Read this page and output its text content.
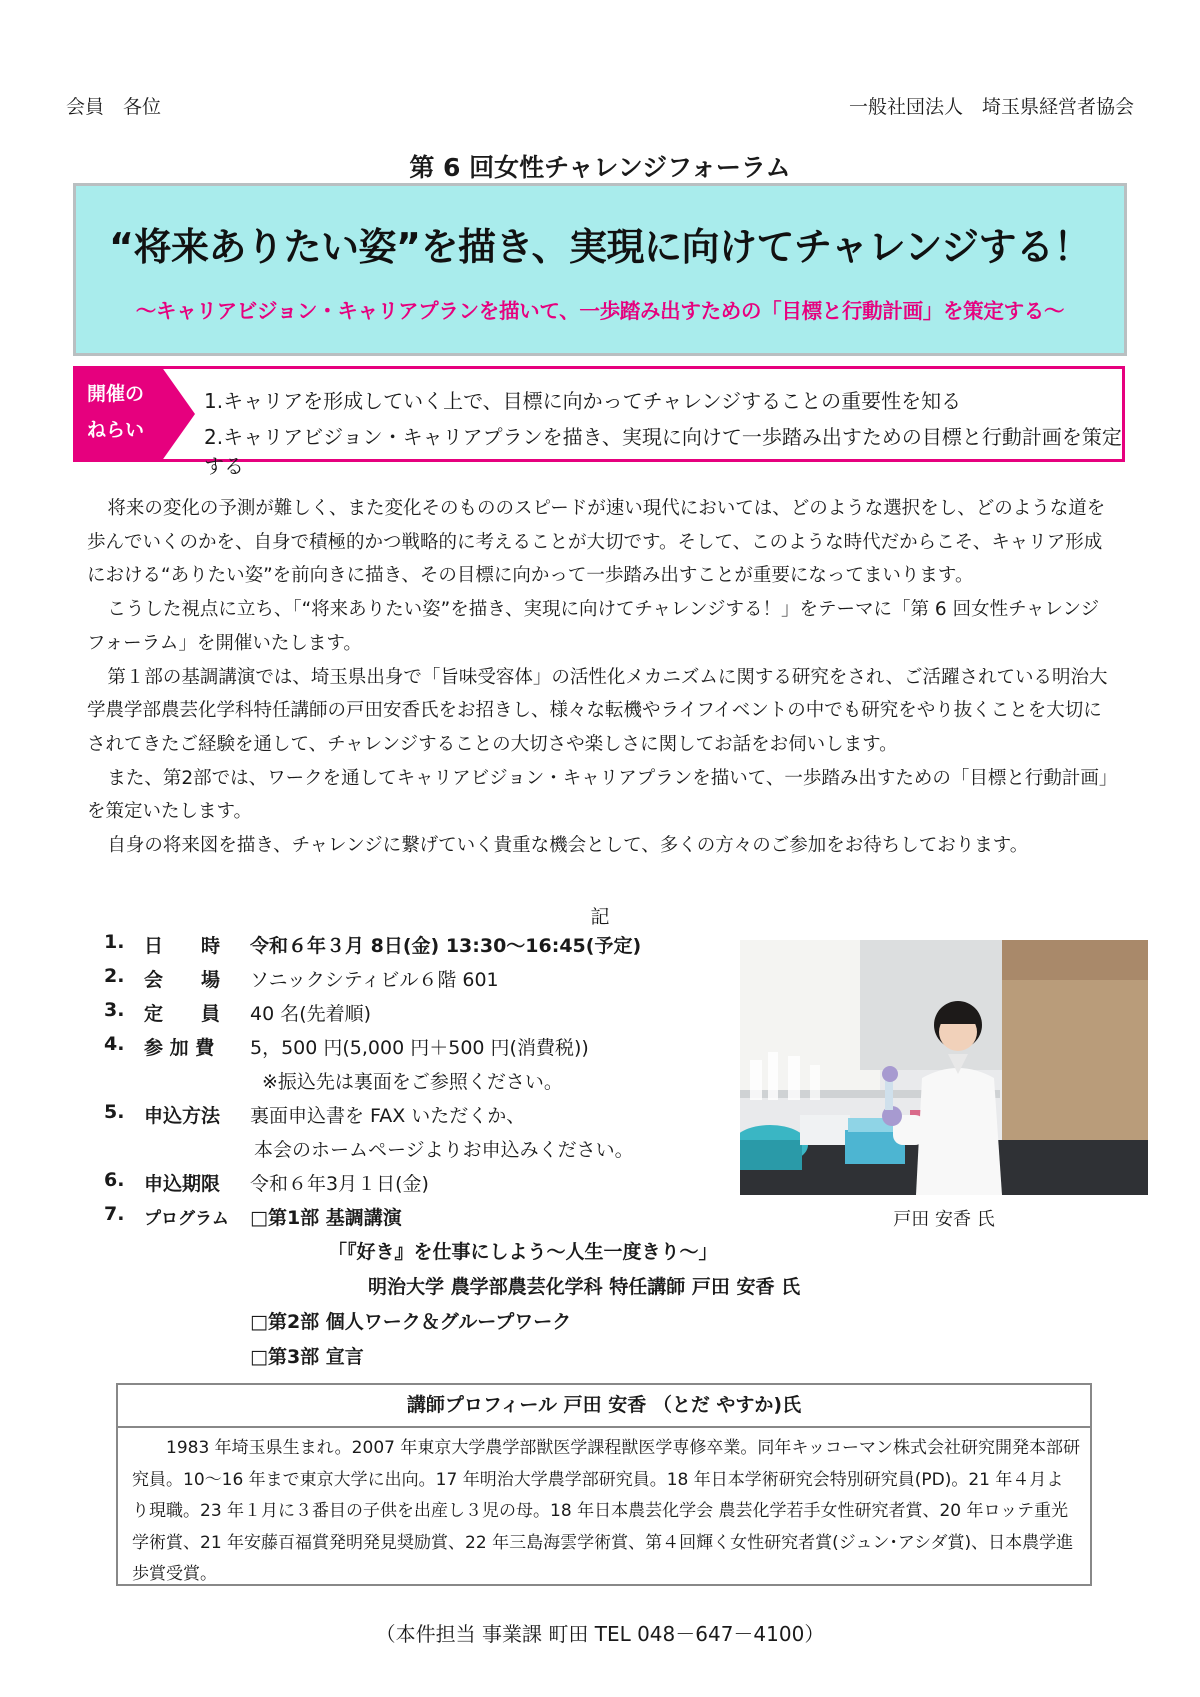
会員　各位	一般社団法人　埼玉県経営者協会
第 6 回女性チャレンジフォーラム
“将来ありたい姿”を描き、実現に向けてチャレンジする！
～キャリアビジョン・キャリアプランを描いて、一歩踏み出すための「目標と行動計画」を策定する～
開催の
ねらい
1.キャリアを形成していく上で、目標に向かってチャレンジすることの重要性を知る
2.キャリアビジョン・キャリアプランを描き、実現に向けて一歩踏み出すための目標と行動計画を策定する

将来の変化の予測が難しく、また変化そのもののスピードが速い現代においては、どのような選択をし、どのような道を歩んでいくのかを、自身で積極的かつ戦略的に考えることが大切です。そして、このような時代だからこそ、キャリア形成における“ありたい姿”を前向きに描き、その目標に向かって一歩踏み出すことが重要になってまいります。

こうした視点に立ち、「“将来ありたい姿”を描き、実現に向けてチャレンジする！」をテーマに「第 6 回女性チャレンジフォーラム」を開催いたします。

第１部の基調講演では、埼玉県出身で「旨味受容体」の活性化メカニズムに関する研究をされ、ご活躍されている明治大学農学部農芸化学科特任講師の戸田安香氏をお招きし、様々な転機やライフイベントの中でも研究をやり抜くことを大切にされてきたご経験を通して、チャレンジすることの大切さや楽しさに関してお話をお伺いします。

また、第2部では、ワークを通してキャリアビジョン・キャリアプランを描いて、一歩踏み出すための「目標と行動計画」を策定いたします。

自身の将来図を描き、チャレンジに繋げていく貴重な機会として、多くの方々のご参加をお待ちしております。

記
1. 日　　時 令和６年３月 8日(金) 13:30～16:45(予定)
2. 会　　場 ソニックシティビル６階 601
3. 定　　員 40 名(先着順)
4. 参 加 費 5，500 円(5,000 円＋500 円(消費税))
※振込先は裏面をご参照ください。
5. 申込方法 裏面申込書を FAX いただくか、
本会のホームページよりお申込みください。
6. 申込期限 令和６年3月１日(金)
7. プログラム □第1部 基調講演
「『好き』を仕事にしよう～人生一度きり～」
明治大学 農学部農芸化学科 特任講師 戸田 安香 氏
□第2部 個人ワーク＆グループワーク
□第3部 宣言
戸田 安香 氏
講師プロフィール 戸田 安香 （とだ やすか)氏
1983 年埼玉県生まれ。2007 年東京大学農学部獣医学課程獣医学専修卒業。同年キッコーマン株式会社研究開発本部研究員。10～16 年まで東京大学に出向。17 年明治大学農学部研究員。18 年日本学術研究会特別研究員(PD)。21 年４月より現職。23 年１月に３番目の子供を出産し３児の母。18 年日本農芸化学会 農芸化学若手女性研究者賞、20 年ロッテ重光学術賞、21 年安藤百福賞発明発見奨励賞、22 年三島海雲学術賞、第４回輝く女性研究者賞(ジュン･アシダ賞)、日本農学進歩賞受賞。
（本件担当 事業課 町田 TEL 048－647－4100）
